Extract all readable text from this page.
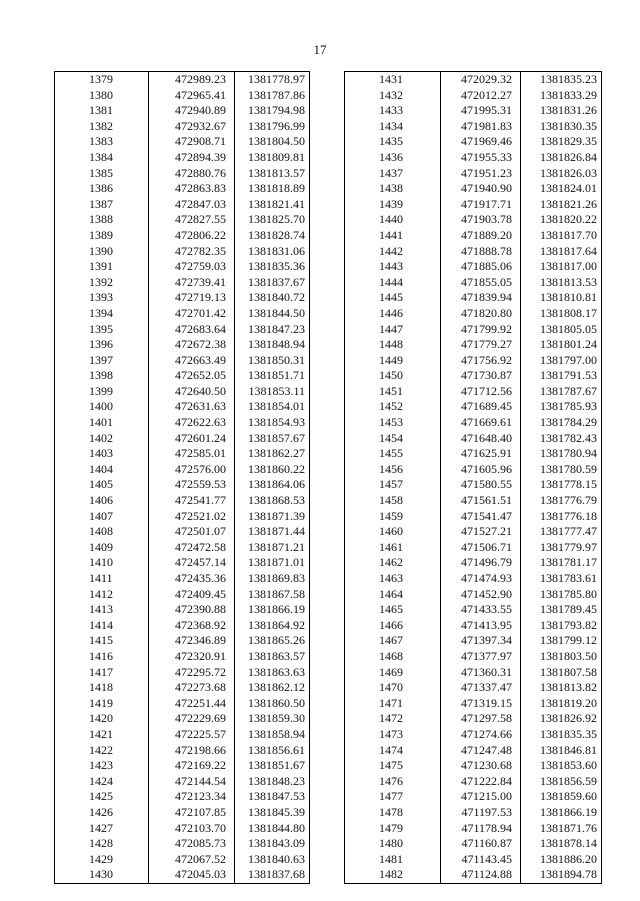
17
1379	472989.23	1381778.97
1380	472965.41	1381787.86
1381	472940.89	1381794.98
1382	472932.67	1381796.99
1383	472908.71	1381804.50
1384	472894.39	1381809.81
1385	472880.76	1381813.57
1386	472863.83	1381818.89
1387	472847.03	1381821.41
1388	472827.55	1381825.70
1389	472806.22	1381828.74
1390	472782.35	1381831.06
1391	472759.03	1381835.36
1392	472739.41	1381837.67
1393	472719.13	1381840.72
1394	472701.42	1381844.50
1395	472683.64	1381847.23
1396	472672.38	1381848.94
1397	472663.49	1381850.31
1398	472652.05	1381851.71
1399	472640.50	1381853.11
1400	472631.63	1381854.01
1401	472622.63	1381854.93
1402	472601.24	1381857.67
1403	472585.01	1381862.27
1404	472576.00	1381860.22
1405	472559.53	1381864.06
1406	472541.77	1381868.53
1407	472521.02	1381871.39
1408	472501.07	1381871.44
1409	472472.58	1381871.21
1410	472457.14	1381871.01
1411	472435.36	1381869.83
1412	472409.45	1381867.58
1413	472390.88	1381866.19
1414	472368.92	1381864.92
1415	472346.89	1381865.26
1416	472320.91	1381863.57
1417	472295.72	1381863.63
1418	472273.68	1381862.12
1419	472251.44	1381860.50
1420	472229.69	1381859.30
1421	472225.57	1381858.94
1422	472198.66	1381856.61
1423	472169.22	1381851.67
1424	472144.54	1381848.23
1425	472123.34	1381847.53
1426	472107.85	1381845.39
1427	472103.70	1381844.80
1428	472085.73	1381843.09
1429	472067.52	1381840.63
1430	472045.03	1381837.68
1431	472029.32	1381835.23
1432	472012.27	1381833.29
1433	471995.31	1381831.26
1434	471981.83	1381830.35
1435	471969.46	1381829.35
1436	471955.33	1381826.84
1437	471951.23	1381826.03
1438	471940.90	1381824.01
1439	471917.71	1381821.26
1440	471903.78	1381820.22
1441	471889.20	1381817.70
1442	471888.78	1381817.64
1443	471885.06	1381817.00
1444	471855.05	1381813.53
1445	471839.94	1381810.81
1446	471820.80	1381808.17
1447	471799.92	1381805.05
1448	471779.27	1381801.24
1449	471756.92	1381797.00
1450	471730.87	1381791.53
1451	471712.56	1381787.67
1452	471689.45	1381785.93
1453	471669.61	1381784.29
1454	471648.40	1381782.43
1455	471625.91	1381780.94
1456	471605.96	1381780.59
1457	471580.55	1381778.15
1458	471561.51	1381776.79
1459	471541.47	1381776.18
1460	471527.21	1381777.47
1461	471506.71	1381779.97
1462	471496.79	1381781.17
1463	471474.93	1381783.61
1464	471452.90	1381785.80
1465	471433.55	1381789.45
1466	471413.95	1381793.82
1467	471397.34	1381799.12
1468	471377.97	1381803.50
1469	471360.31	1381807.58
1470	471337.47	1381813.82
1471	471319.15	1381819.20
1472	471297.58	1381826.92
1473	471274.66	1381835.35
1474	471247.48	1381846.81
1475	471230.68	1381853.60
1476	471222.84	1381856.59
1477	471215.00	1381859.60
1478	471197.53	1381866.19
1479	471178.94	1381871.76
1480	471160.87	1381878.14
1481	471143.45	1381886.20
1482	471124.88	1381894.78
